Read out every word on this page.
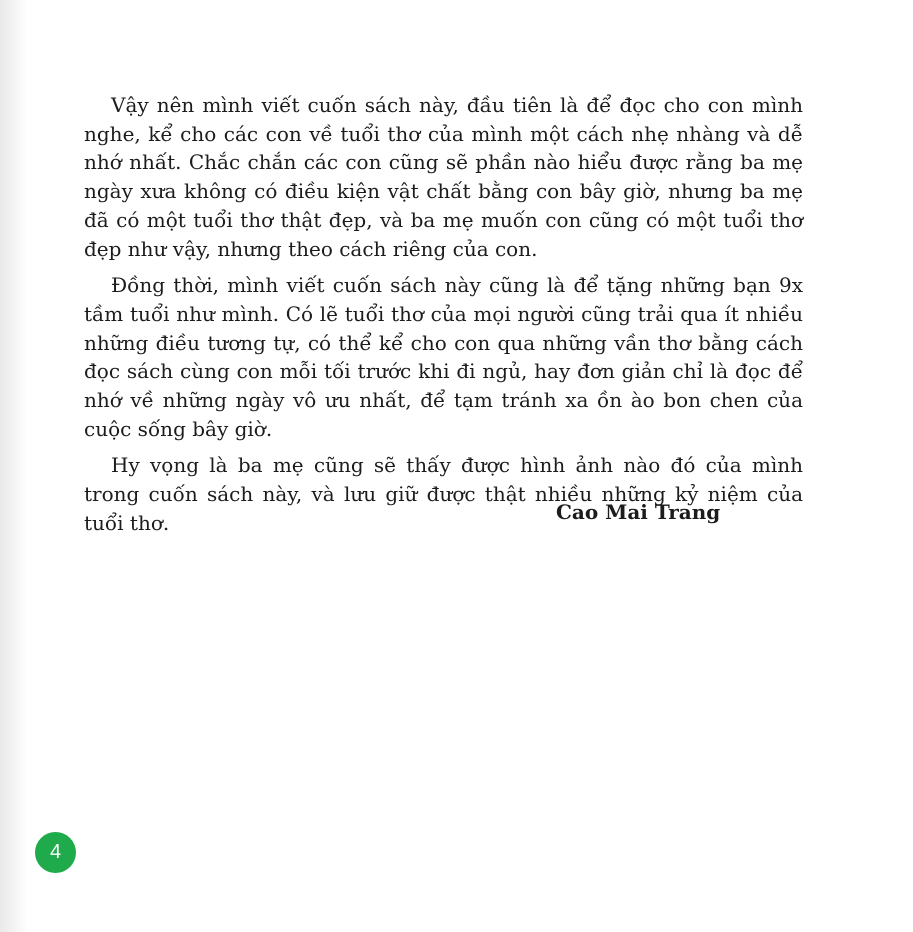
Vậy nên mình viết cuốn sách này, đầu tiên là để đọc cho con mình nghe, kể cho các con về tuổi thơ của mình một cách nhẹ nhàng và dễ nhớ nhất. Chắc chắn các con cũng sẽ phần nào hiểu được rằng ba mẹ ngày xưa không có điều kiện vật chất bằng con bây giờ, nhưng ba mẹ đã có một tuổi thơ thật đẹp, và ba mẹ muốn con cũng có một tuổi thơ đẹp như vậy, nhưng theo cách riêng của con.

Đồng thời, mình viết cuốn sách này cũng là để tặng những bạn 9x tầm tuổi như mình. Có lẽ tuổi thơ của mọi người cũng trải qua ít nhiều những điều tương tự, có thể kể cho con qua những vần thơ bằng cách đọc sách cùng con mỗi tối trước khi đi ngủ, hay đơn giản chỉ là đọc để nhớ về những ngày vô ưu nhất, để tạm tránh xa ồn ào bon chen của cuộc sống bây giờ.

Hy vọng là ba mẹ cũng sẽ thấy được hình ảnh nào đó của mình trong cuốn sách này, và lưu giữ được thật nhiều những kỷ niệm của tuổi thơ.	Cao Mai Trang
4
